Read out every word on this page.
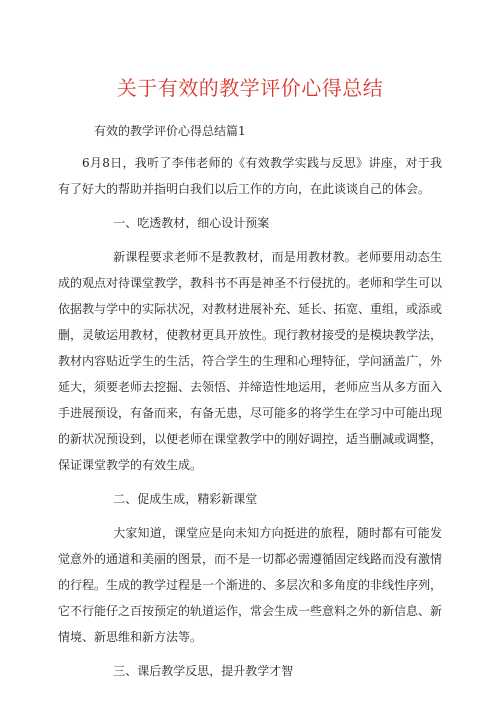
关于有效的教学评价心得总结

有效的教学评价心得总结篇1

6月8日，我听了李伟老师的《有效教学实践与反思》讲座，对于我有了好大的帮助并指明白我们以后工作的方向，在此谈谈自己的体会。

一、吃透教材，细心设计预案

新课程要求老师不是教教材，而是用教材教。老师要用动态生成的观点对待课堂教学，教科书不再是神圣不行侵扰的。老师和学生可以依据教与学中的实际状况，对教材进展补充、延长、拓宽、重组，或添或删，灵敏运用教材，使教材更具开放性。现行教材接受的是模块教学法，教材内容贴近学生的生活，符合学生的生理和心理特征，学问涵盖广，外延大，须要老师去挖掘、去领悟、并缔造性地运用，老师应当从多方面入手进展预设，有备而来，有备无患，尽可能多的将学生在学习中可能出现的新状况预设到，以便老师在课堂教学中的刚好调控，适当删减或调整，保证课堂教学的有效生成。

二、促成生成，精彩新课堂

大家知道，课堂应是向未知方向挺进的旅程，随时都有可能发觉意外的通道和美丽的图景，而不是一切都必需遵循固定线路而没有激情的行程。生成的教学过程是一个渐进的、多层次和多角度的非线性序列，它不行能仔之百按预定的轨道运作，常会生成一些意料之外的新信息、新情境、新思维和新方法等。

三、课后教学反思，提升教学才智
